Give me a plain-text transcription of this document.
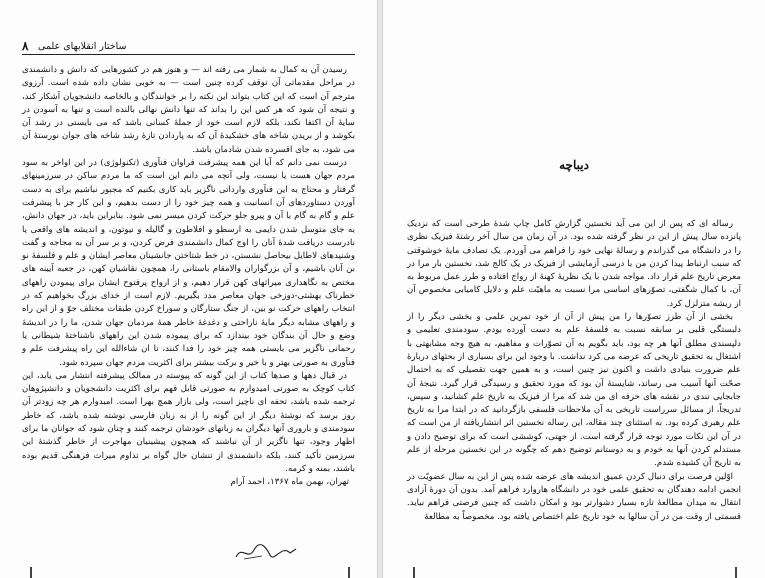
۸ ساختار انقلابهای علمی

رسیدن آن به کمال به شمار می رفته اند — و هنوز هم در کشورهایی که دانش و دانشمندی در مراحل مقدماتی آن توقف کرده چنین است — به خوبی نشان داده شده است. آرزوی مترجم آن است که این کتاب بتواند این نکته را بر خوانندگان و بالخاصه دانشجویان آشکار کند، و نتیجه آن شود که هر کس این را بداند که تنها دانش نهالی بالنده است و تنها به آسودن در سایهٔ آن اکتفا نکند، بلکه لازم است خود از جملهٔ کسانی باشد که می بایستی در رشد آن بکوشد و از بریدن شاخه های خشکیدهٔ آن که به پاردادن تازهٔ رشد شاخه های جوان نورستهٔ آن می شود، به جای افسرده شدن شادمان باشد.

درست نمی دانم که آیا این همه پیشرفت فراوان فنآوری (تکنولوژی) در این اواخر به سود مردم جهان هست یا نیست، ولی آنچه می دانم این است که ما مردم ساکن در سرزمینهای گرفتار و محتاج به این فنآوری وارداتی ناگزیر باید کاری بکنیم که مجبور نباشیم برای به دست آوردن دستاوردهای آن انسانیت و همه چیز خود را از دست بدهیم، و این کار جز با پیشرفت علم و گام به گام با آن و پیرو جلو حرکت کردن میسر نمی شود. بنابراین باید، در جهان دانش، به جای متوسل شدن دایمی به ارسطو و افلاطون و گالیله و نیوتون، و اندیشه های واقعی یا نادرست دریافت شدهٔ آنان را اوج کمال دانشمندی فرض کردن، و بر سر آن به مجاجه و گفت وشنیدهای لاطایل بیحاصل نشستن، در خط شتاختن جانشینان معاصر ایشان و علم و فلسفهٔ نو بن آنان باشیم، و آن بزرگواران والامقام باستانی را، همچون نقاشیان کهن، در جعبه آیینه های مختص به نگاهداری میراثهای کهن قرار دهیم، و از ارواح پرفتوح ایشان برای پیمودن راههای خطرناک بهشتی-دوزخی جهان معاصر مدد بگیریم. لازم است از خدای بزرگ بخواهیم که در انتخاب راههای حرکت نو بین، از جنگ ستارگان و سوراخ کردن طبقات مختلف جوّ و از این راه و راههای مشابه دیگر مایهٔ ناراحتی و دغدغهٔ خاطر همهٔ مردمان جهان شدن، ما را در اندیشهٔ وضع و حال آن بندگان خود بیندازد که برای پیموده شدن این راههای ناشناختهٔ شیطانی یا رحمانی ناگزیر می بایستی همه چیز خود را فدا کنند، تا ان شاءالله این راه پیشرفت علم و فنآوری به صورتی بهتر و با خیر و برکت بیشتر برای اکثریت مردم جهان سپرده شود.

در قبال دهها و صدها کتاب از این گونه که پیوسته در ممالک پیشرفته انتشار می یابد، این کتاب کوچک به صورتی امیدوارم به صورتی قابل فهم برای اکثریت دانشجویان و دانشپژوهان ترجمه شده باشد، تحفه ای ناچیز است، ولی بازار همچ بهرا است. امیدوارم هر چه زودتر آن روز برسد که نوشتهٔ دیگر از این گونه را از به زبان فارسی نوشته شده باشد، که خاطر سودمندی و باروری آنها دیگران به زبانهای خودشان ترجمه کنند و چنان شود که جوانان ما برای اظهار وجود، تنها ناگزیر از آن نباشند که همچون پیشینیان مهاجرت از خاطر گذشتهٔ این سرزمین تأکید کنند، بلکه دانشمندی از تنشان حال گواه بر تداوم میراث فرهنگی قدیم بوده باشند، بمنه و کرمه.

تهران، بهمن ماه ۱۳۶۷، احمد آرام

دیباچه

رساله ای که پس از این می آید نخستین گزارش کامل چاپ شدهٔ طرحی است که نزدیک پانزده سال پیش از این در نظر گرفته شده بود. در آن زمان من سال آخر رشتهٔ فیزیک نظری را در دانشگاه می گذراندم و رسالهٔ نهایی خود را فراهم می آوردم. یک تصادف مایهٔ خوشوقتی که سبب ارتباط پیدا کردن من با درسی آزمایشی از فیزیک در یک کالج شد، نخستین بار مرا در معرض تاریخ علم قرار داد. مواجه شدن با یک نظریهٔ کهنهٔ از رواج افتاده و طرز عمل مربوط به آن، با کمال شگفتی، تصوّرهای اساسی مرا نسبت به ماهیّت علم و دلایل کامیابی مخصوص آن از ریشه متزلزل کرد.

بخشی از آن طرز تصوّرها را من پیش از آن از خود تمرین علمی و بخشی دیگر را از دلبستگی قلبی بر سابقه نسبت به فلسفهٔ علم به دست آورده بودم. سودمندی تعلیمی و دلپسندی مطلق آنها هر چه بود، باید بگویم به آن تصوّرات و مفاهیم، به هیچ وجه مشابهتی با اشتغال به تحقیق تاریخی که عرضه می کرد نداشت. با وجود این برای بسیاری از بحثهای دربارهٔ علم ضرورت بنیادی داشت و اکنون نیز چنین است، و به همین جهت تقصیلی که به احتمال صحّت آنها آسیب می رساند، شایستهٔ آن بود که مورد تحقیق و رسیدگی قرار گیرد. نتیجهٔ آن جابجایی تندی در نقشه های حرفه ای من شد که مرا از فیزیک به تاریخ علم کشانید، و سپس، تدریجاً، از مسائل سرراست تاریخی به آن ملاحظات فلسفی بازگردانید که در ابتدا مرا به تاریخ علم رهبری کرده بود. به استثنای چند مقاله، این رساله نخستین اثر انتشاریافته از من است که در آن این نکات مورد توجه قرار گرفته است. از جهتی، کوششی است که برای توضیح دادن و مستدلم کردن آنها به خودم و به دوستانم توضیح دهم که چگونه در این نخستین مرحله از علم به تاریخ آن کشیده شدم.

اوّلین فرصت برای دنبال کردن عمیق اندیشه های عرضه شده پس از این به سال عضویّت در انجمن ادامه دهندگان به تحقیق علمی خود در دانشگاه هاروارد فراهم آمد. بدون آن دورهٔ آزادی انتقال به میدان مطالعهٔ تازه بسیار دشوارتر بود و امکان داشت که چنین فرصتی فراهم نیاید. قسمتی از وقت من در آن سالها به خود تاریخ علم اختصاص یافته بود. مخصوصاً به مطالعهٔ
